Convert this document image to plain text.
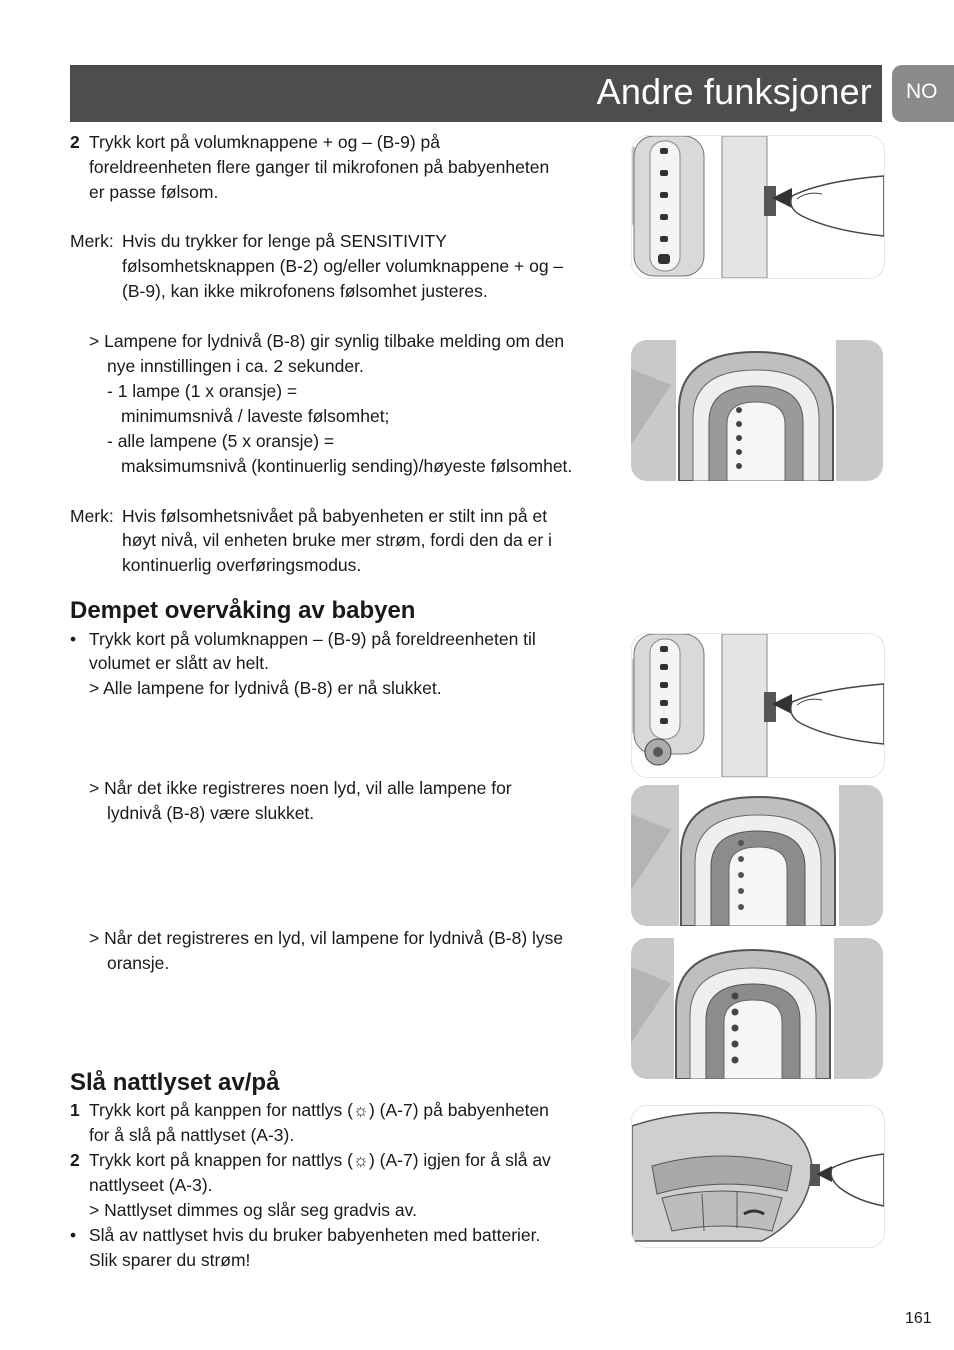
Andre funksjoner NO
2 Trykk kort på volumknappene + og – (B-9) på
foreldreenheten flere ganger til mikrofonen på babyenheten
er passe følsom.
Merk: Hvis du trykker for lenge på SENSITIVITY
følsomhetsknappen (B-2) og/eller volumknappene + og –
(B-9), kan ikke mikrofonens følsomhet justeres.
> Lampene for lydnivå (B-8) gir synlig tilbake melding om den
nye innstillingen i ca. 2 sekunder.
- 1 lampe (1 x oransje) =
minimumsnivå / laveste følsomhet;
- alle lampene (5 x oransje) =
maksimumsnivå (kontinuerlig sending)/høyeste følsomhet.
Merk: Hvis følsomhetsnivået på babyenheten er stilt inn på et
høyt nivå, vil enheten bruke mer strøm, fordi den da er i
kontinuerlig overføringsmodus.
Dempet overvåking av babyen
• Trykk kort på volumknappen – (B-9) på foreldreenheten til
volumet er slått av helt.
> Alle lampene for lydnivå (B-8) er nå slukket.
> Når det ikke registreres noen lyd, vil alle lampene for
lydnivå (B-8) være slukket.
> Når det registreres en lyd, vil lampene for lydnivå (B-8) lyse
oransje.
Slå nattlyset av/på
1 Trykk kort på kanppen for nattlys (☼) (A-7) på babyenheten
for å slå på nattlyset (A-3).
2 Trykk kort på knappen for nattlys (☼) (A-7) igjen for å slå av
nattlyseet (A-3).
> Nattlyset dimmes og slår seg gradvis av.
• Slå av nattlyset hvis du bruker babyenheten med batterier.
Slik sparer du strøm!
161
